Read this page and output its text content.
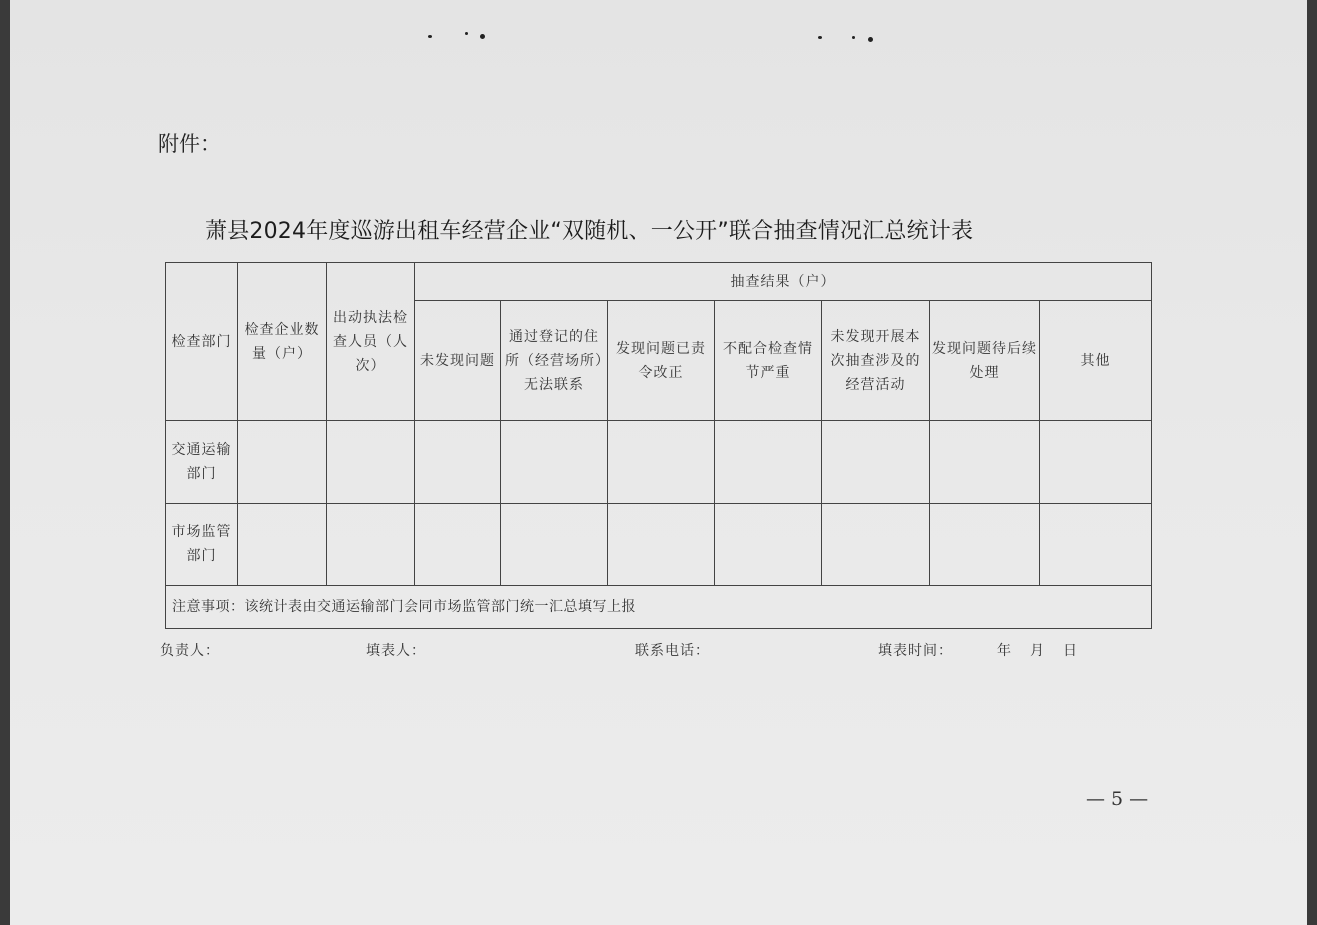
附件：
萧县2024年度巡游出租车经营企业“双随机、一公开”联合抽查情况汇总统计表
检查部门	检查企业数量（户）	出动执法检查人员（人次）	抽查结果（户）						
			未发现问题	通过登记的住所（经营场所）无法联系	发现问题已责令改正	不配合检查情节严重	未发现开展本次抽查涉及的经营活动	发现问题待后续处理	其他
交通运输部门									
市场监管部门									
注意事项：该统计表由交通运输部门会同市场监管部门统一汇总填写上报									
负责人：	填表人：	联系电话：	填表时间：	年 月 日
— 5 —
